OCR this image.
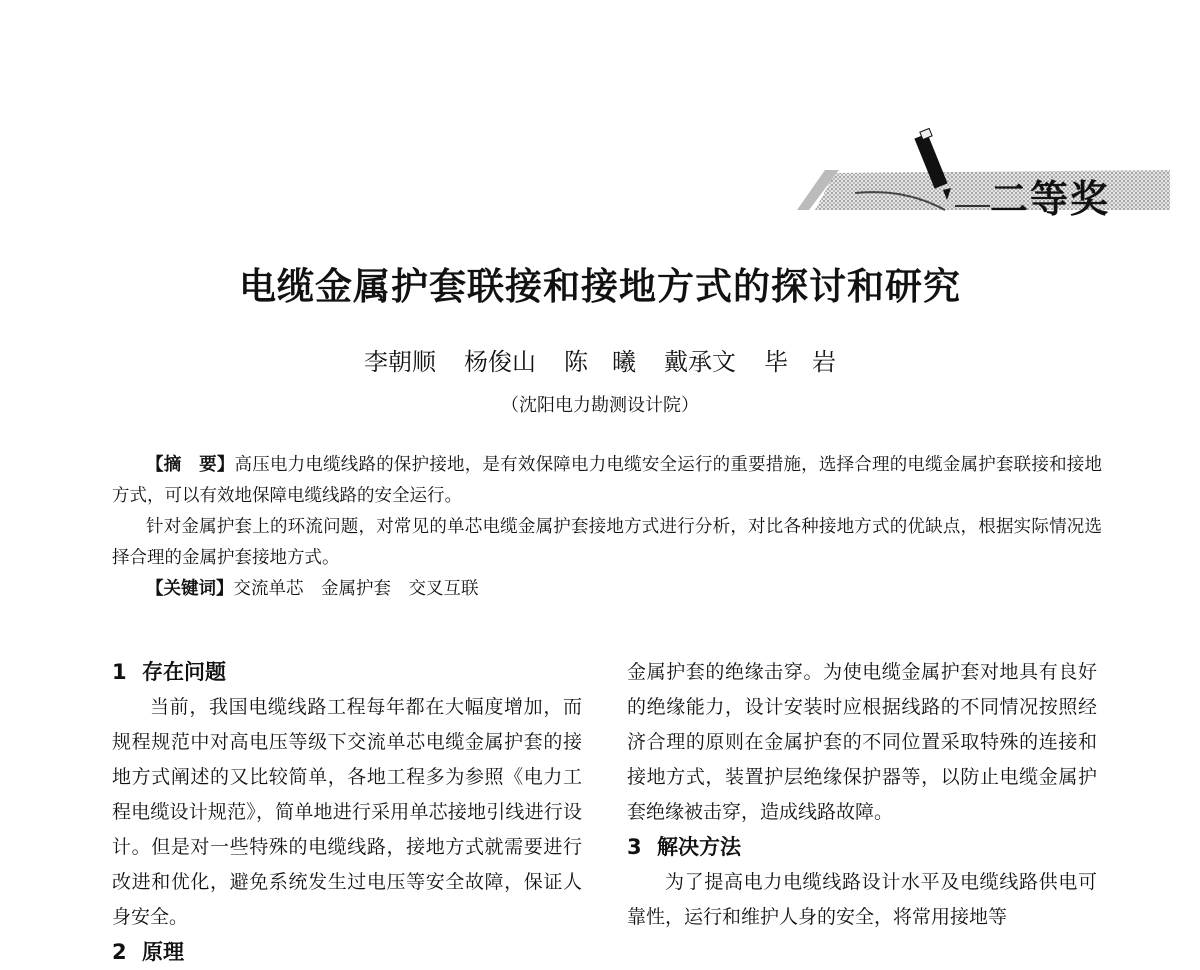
二等奖
电缆金属护套联接和接地方式的探讨和研究
李朝顺 杨俊山 陈　曦 戴承文 毕　岩
（沈阳电力勘测设计院）

【摘　要】高压电力电缆线路的保护接地，是有效保障电力电缆安全运行的重要措施，选择合理的电缆金属护套联接和接地方式，可以有效地保障电缆线路的安全运行。

针对金属护套上的环流问题，对常见的单芯电缆金属护套接地方式进行分析，对比各种接地方式的优缺点，根据实际情况选择合理的金属护套接地方式。

【关键词】交流单芯　金属护套　交叉互联

1 存在问题

当前，我国电缆线路工程每年都在大幅度增加，而规程规范中对高电压等级下交流单芯电缆金属护套的接地方式阐述的又比较简单，各地工程多为参照《电力工程电缆设计规范》，简单地进行采用单芯接地引线进行设计。但是对一些特殊的电缆线路，接地方式就需要进行改进和优化，避免系统发生过电压等安全故障，保证人身安全。

2 原理

金属护套的绝缘击穿。为使电缆金属护套对地具有良好的绝缘能力，设计安装时应根据线路的不同情况按照经济合理的原则在金属护套的不同位置采取特殊的连接和接地方式，装置护层绝缘保护器等，以防止电缆金属护套绝缘被击穿，造成线路故障。

3 解决方法

为了提高电力电缆线路设计水平及电缆线路供电可靠性，运行和维护人身的安全，将常用接地等
